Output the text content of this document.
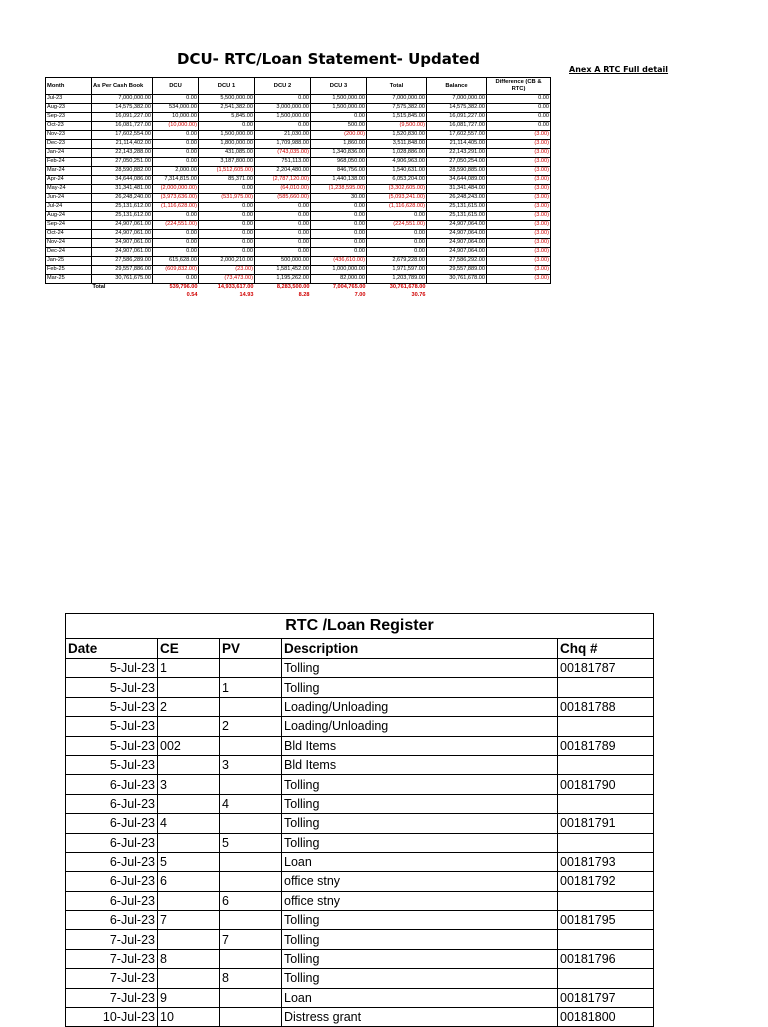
DCU- RTC/Loan Statement- Updated
Anex A RTC Full detail
Month	As Per Cash Book	DCU	DCU 1	DCU 2	DCU 3	Total	Balance	Difference (CB & RTC)
Jul-23	7,000,000.00	0.00	5,500,000.00	0.00	1,500,000.00	7,000,000.00	7,000,000.00	0.00
Aug-23	14,575,382.00	534,000.00	2,541,382.00	3,000,000.00	1,500,000.00	7,575,382.00	14,575,382.00	0.00
Sep-23	16,091,227.00	10,000.00	5,845.00	1,500,000.00	0.00	1,515,845.00	16,091,227.00	0.00
Oct-23	16,081,727.00	(10,000.00)	0.00	0.00	500.00	(9,500.00)	16,081,727.00	0.00
Nov-23	17,602,554.00	0.00	1,500,000.00	21,030.00	(200.00)	1,520,830.00	17,602,557.00	(3.00)
Dec-23	21,114,402.00	0.00	1,800,000.00	1,709,988.00	1,860.00	3,511,848.00	21,114,405.00	(3.00)
Jan-24	22,143,288.00	0.00	431,085.00	(743,035.00)	1,340,836.00	1,028,886.00	22,143,291.00	(3.00)
Feb-24	27,050,251.00	0.00	3,187,800.00	751,113.00	968,050.00	4,906,963.00	27,050,254.00	(3.00)
Mar-24	28,590,882.00	2,000.00	(1,512,605.00)	2,204,480.00	846,756.00	1,540,631.00	28,590,885.00	(3.00)
Apr-24	34,644,086.00	7,314,815.00	85,371.00	(2,787,120.00)	1,440,138.00	6,053,204.00	34,644,089.00	(3.00)
May-24	31,341,481.00	(2,000,000.00)	0.00	(64,010.00)	(1,238,595.00)	(3,302,605.00)	31,341,484.00	(3.00)
Jun-24	26,248,240.00	(3,973,636.00)	(531,975.00)	(585,660.00)	30.00	(5,093,241.00)	26,248,243.00	(3.00)
Jul-24	25,131,612.00	(1,116,628.00)	0.00	0.00	0.00	(1,116,628.00)	25,131,615.00	(3.00)
Aug-24	25,131,612.00	0.00	0.00	0.00	0.00	0.00	25,131,615.00	(3.00)
Sep-24	24,907,061.00	(224,551.00)	0.00	0.00	0.00	(224,551.00)	24,907,064.00	(3.00)
Oct-24	24,907,061.00	0.00	0.00	0.00	0.00	0.00	24,907,064.00	(3.00)
Nov-24	24,907,061.00	0.00	0.00	0.00	0.00	0.00	24,907,064.00	(3.00)
Dec-24	24,907,061.00	0.00	0.00	0.00	0.00	0.00	24,907,064.00	(3.00)
Jan-25	27,586,289.00	615,628.00	2,000,210.00	500,000.00	(436,610.00)	2,679,228.00	27,586,292.00	(3.00)
Feb-25	29,557,886.00	(609,832.00)	(23.00)	1,581,452.00	1,000,000.00	1,971,597.00	29,557,889.00	(3.00)
Mar-25	30,761,675.00	0.00	(73,473.00)	1,195,262.00	82,000.00	1,203,789.00	30,761,678.00	(3.00)
	Total	539,796.00	14,933,617.00	8,283,500.00	7,004,765.00	30,761,678.00		
		0.54	14.93	8.28	7.00	30.76		
RTC /Loan Register				
Date	CE	PV	Description	Chq #
5-Jul-23	1		Tolling	00181787
5-Jul-23		1	Tolling	
5-Jul-23	2		Loading/Unloading	00181788
5-Jul-23		2	Loading/Unloading	
5-Jul-23	002		Bld Items	00181789
5-Jul-23		3	Bld Items	
6-Jul-23	3		Tolling	00181790
6-Jul-23		4	Tolling	
6-Jul-23	4		Tolling	00181791
6-Jul-23		5	Tolling	
6-Jul-23	5		Loan	00181793
6-Jul-23	6		office stny	00181792
6-Jul-23		6	office stny	
6-Jul-23	7		Tolling	00181795
7-Jul-23		7	Tolling	
7-Jul-23	8		Tolling	00181796
7-Jul-23		8	Tolling	
7-Jul-23	9		Loan	00181797
10-Jul-23	10		Distress grant	00181800
